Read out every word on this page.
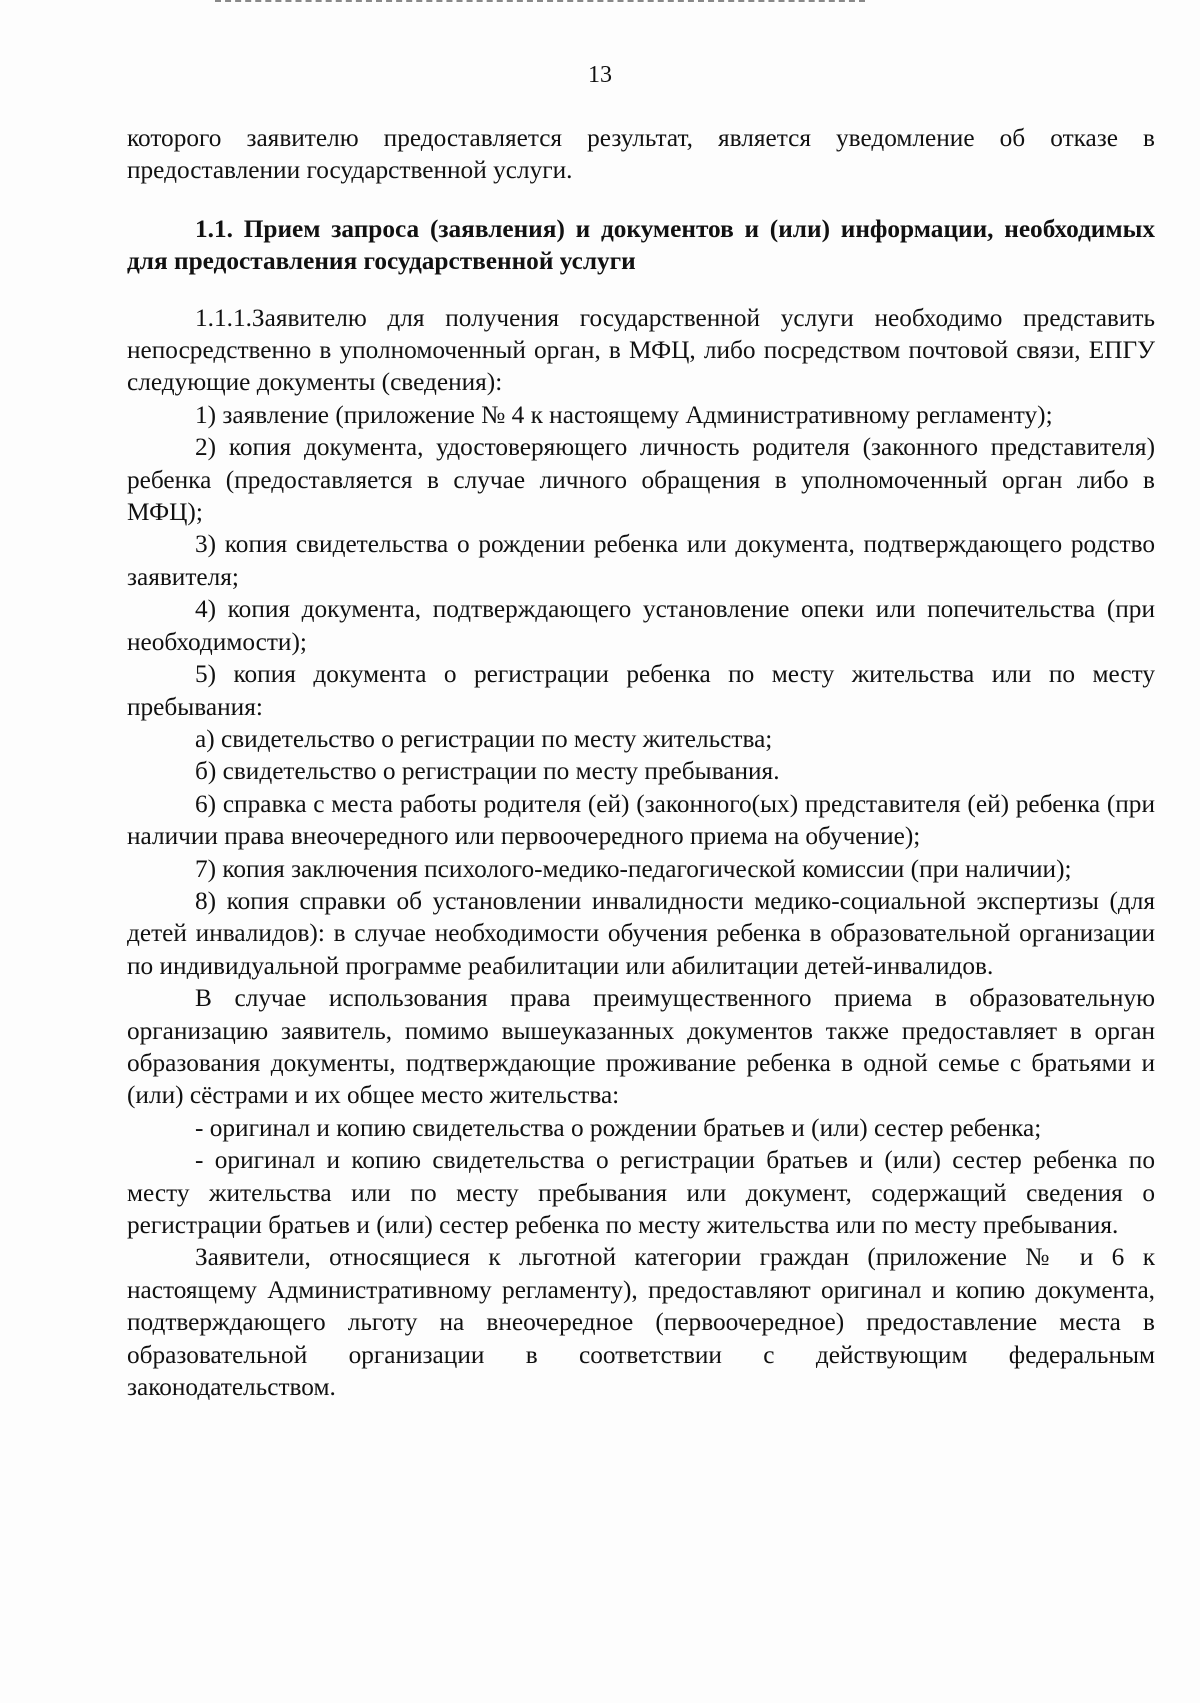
13

которого заявителю предоставляется результат, является уведомление об отказе в предоставлении государственной услуги.

1.1. Прием запроса (заявления) и документов и (или) информации, необходимых для предоставления государственной услуги

1.1.1.Заявителю для получения государственной услуги необходимо представить непосредственно в уполномоченный орган, в МФЦ, либо посредством почтовой связи, ЕПГУ следующие документы (сведения):

1) заявление (приложение № 4 к настоящему Административному регламенту);

2) копия документа, удостоверяющего личность родителя (законного представителя) ребенка (предоставляется в случае личного обращения в уполномоченный орган либо в МФЦ);

3) копия свидетельства о рождении ребенка или документа, подтверждающего родство заявителя;

4) копия документа, подтверждающего установление опеки или попечительства (при необходимости);

5) копия документа о регистрации ребенка по месту жительства или по месту пребывания:

а) свидетельство о регистрации по месту жительства;

б) свидетельство о регистрации по месту пребывания.

6) справка с места работы родителя (ей) (законного(ых) представителя (ей) ребенка (при наличии права внеочередного или первоочередного приема на обучение);

7) копия заключения психолого-медико-педагогической комиссии (при наличии);

8) копия справки об установлении инвалидности медико-социальной экспертизы (для детей инвалидов): в случае необходимости обучения ребенка в образовательной организации по индивидуальной программе реабилитации или абилитации детей-инвалидов.

В случае использования права преимущественного приема в образовательную организацию заявитель, помимо вышеуказанных документов также предоставляет в орган образования документы, подтверждающие проживание ребенка в одной семье с братьями и (или) сёстрами и их общее место жительства:

- оригинал и копию свидетельства о рождении братьев и (или) сестер ребенка;

- оригинал и копию свидетельства о регистрации братьев и (или) сестер ребенка по месту жительства или по месту пребывания или документ, содержащий сведения о регистрации братьев и (или) сестер ребенка по месту жительства или по месту пребывания.

Заявители, относящиеся к льготной категории граждан (приложение № и 6 к настоящему Административному регламенту), предоставляют оригинал и копию документа, подтверждающего льготу на внеочередное (первоочередное) предоставление места в образовательной организации в соответствии с действующим федеральным законодательством.
